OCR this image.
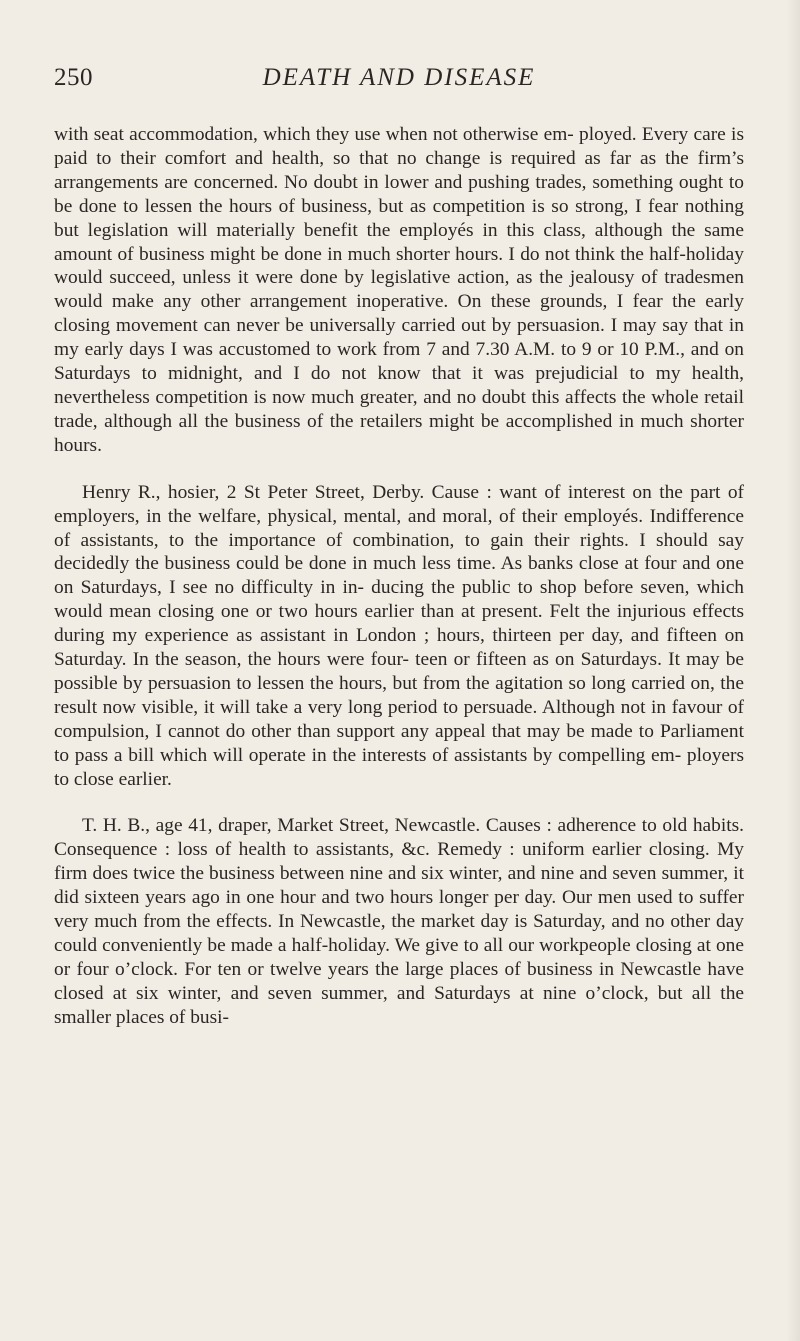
250	DEATH AND DISEASE

with seat accommodation, which they use when not otherwise em- ployed. Every care is paid to their comfort and health, so that no change is required as far as the firm’s arrangements are concerned. No doubt in lower and pushing trades, something ought to be done to lessen the hours of business, but as competition is so strong, I fear nothing but legislation will materially benefit the employés in this class, although the same amount of business might be done in much shorter hours. I do not think the half-holiday would succeed, unless it were done by legislative action, as the jealousy of tradesmen would make any other arrangement inoperative. On these grounds, I fear the early closing movement can never be universally carried out by persuasion. I may say that in my early days I was accustomed to work from 7 and 7.30 A.M. to 9 or 10 P.M., and on Saturdays to midnight, and I do not know that it was prejudicial to my health, nevertheless competition is now much greater, and no doubt this affects the whole retail trade, although all the business of the retailers might be accomplished in much shorter hours.

Henry R., hosier, 2 St Peter Street, Derby. Cause : want of interest on the part of employers, in the welfare, physical, mental, and moral, of their employés. Indifference of assistants, to the importance of combination, to gain their rights. I should say decidedly the business could be done in much less time. As banks close at four and one on Saturdays, I see no difficulty in in- ducing the public to shop before seven, which would mean closing one or two hours earlier than at present. Felt the injurious effects during my experience as assistant in London ; hours, thirteen per day, and fifteen on Saturday. In the season, the hours were four- teen or fifteen as on Saturdays. It may be possible by persuasion to lessen the hours, but from the agitation so long carried on, the result now visible, it will take a very long period to persuade. Although not in favour of compulsion, I cannot do other than support any appeal that may be made to Parliament to pass a bill which will operate in the interests of assistants by compelling em- ployers to close earlier.

T. H. B., age 41, draper, Market Street, Newcastle. Causes : adherence to old habits. Consequence : loss of health to assistants, &c. Remedy : uniform earlier closing. My firm does twice the business between nine and six winter, and nine and seven summer, it did sixteen years ago in one hour and two hours longer per day. Our men used to suffer very much from the effects. In Newcastle, the market day is Saturday, and no other day could conveniently be made a half-holiday. We give to all our workpeople closing at one or four o’clock. For ten or twelve years the large places of business in Newcastle have closed at six winter, and seven summer, and Saturdays at nine o’clock, but all the smaller places of busi-
